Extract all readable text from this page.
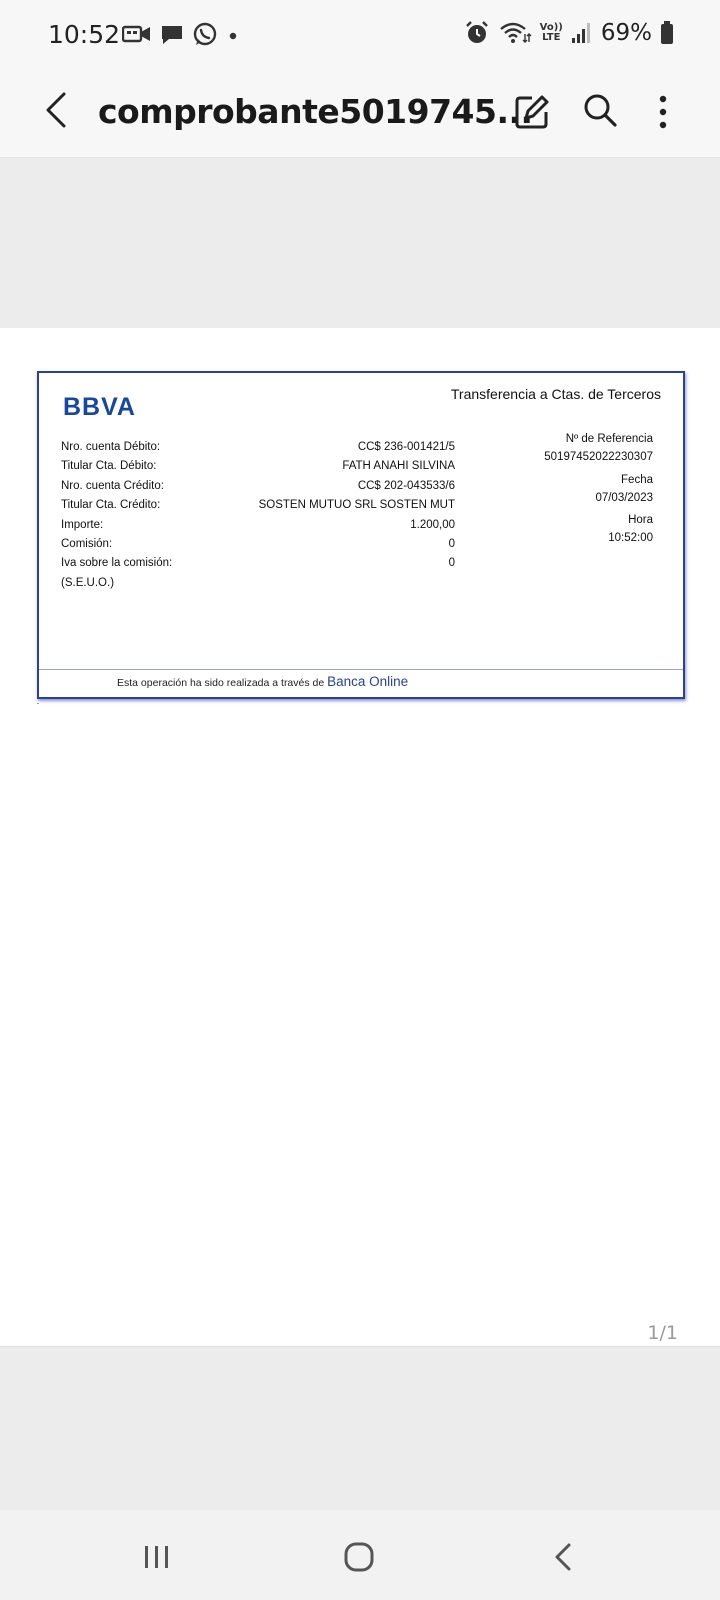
10:52	Vo))
LTE 69%
comprobante5019745...
BBVA	Transferencia a Ctas. de Terceros
Nro. cuenta Débito:
Titular Cta. Débito:
Nro. cuenta Crédito:
Titular Cta. Crédito:
Importe:
Comisión:
Iva sobre la comisión:
(S.E.U.O.)
CC$ 236-001421/5
FATH ANAHI SILVINA
CC$ 202-043533/6
SOSTEN MUTUO SRL SOSTEN MUT
1.200,00
0
0
Nº de Referencia
50197452022230307
Fecha
07/03/2023
Hora
10:52:00
Esta operación ha sido realizada a través de Banca Online
1/1
